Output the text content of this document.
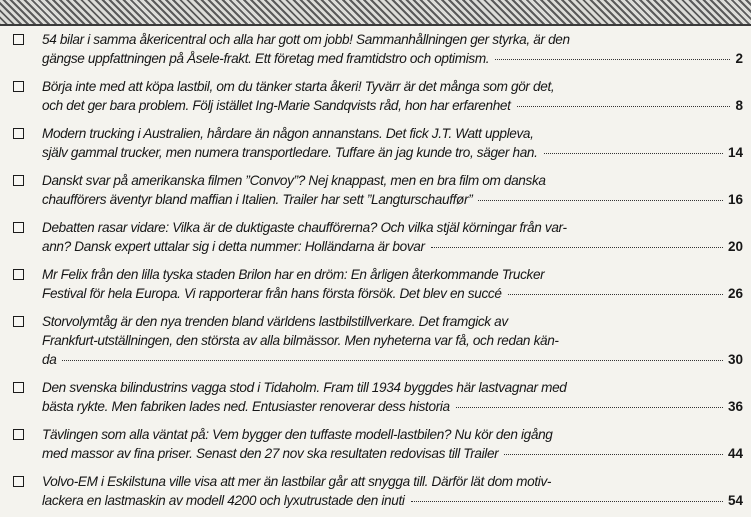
54 bilar i samma åkericentral och alla har gott om jobb! Sammanhållningen ger styrka, är den
gängse uppfattningen på Åsele-frakt. Ett företag med framtidstro och optimism.	2
Börja inte med att köpa lastbil, om du tänker starta åkeri! Tyvärr är det många som gör det,
och det ger bara problem. Följ istället Ing-Marie Sandqvists råd, hon har erfarenhet	8
Modern trucking i Australien, hårdare än någon annanstans. Det fick J.T. Watt uppleva,
själv gammal trucker, men numera transportledare. Tuffare än jag kunde tro, säger han.	14
Danskt svar på amerikanska filmen ”Convoy”? Nej knappast, men en bra film om danska
chaufförers äventyr bland maffian i Italien. Trailer har sett ”Langturschauffør”	16
Debatten rasar vidare: Vilka är de duktigaste chaufförerna? Och vilka stjäl körningar från var-
ann? Dansk expert uttalar sig i detta nummer: Holländarna är bovar	20
Mr Felix från den lilla tyska staden Brilon har en dröm: En årligen återkommande Trucker
Festival för hela Europa. Vi rapporterar från hans första försök. Det blev en succé	26
Storvolymtåg är den nya trenden bland världens lastbilstillverkare. Det framgick av
Frankfurt-utställningen, den största av alla bilmässor. Men nyheterna var få, och redan kän-
da	30
Den svenska bilindustrins vagga stod i Tidaholm. Fram till 1934 byggdes här lastvagnar med
bästa rykte. Men fabriken lades ned. Entusiaster renoverar dess historia	36
Tävlingen som alla väntat på: Vem bygger den tuffaste modell-lastbilen? Nu kör den igång
med massor av fina priser. Senast den 27 nov ska resultaten redovisas till Trailer	44
Volvo-EM i Eskilstuna ville visa att mer än lastbilar går att snygga till. Därför lät dom motiv-
lackera en lastmaskin av modell 4200 och lyxutrustade den inuti	54
